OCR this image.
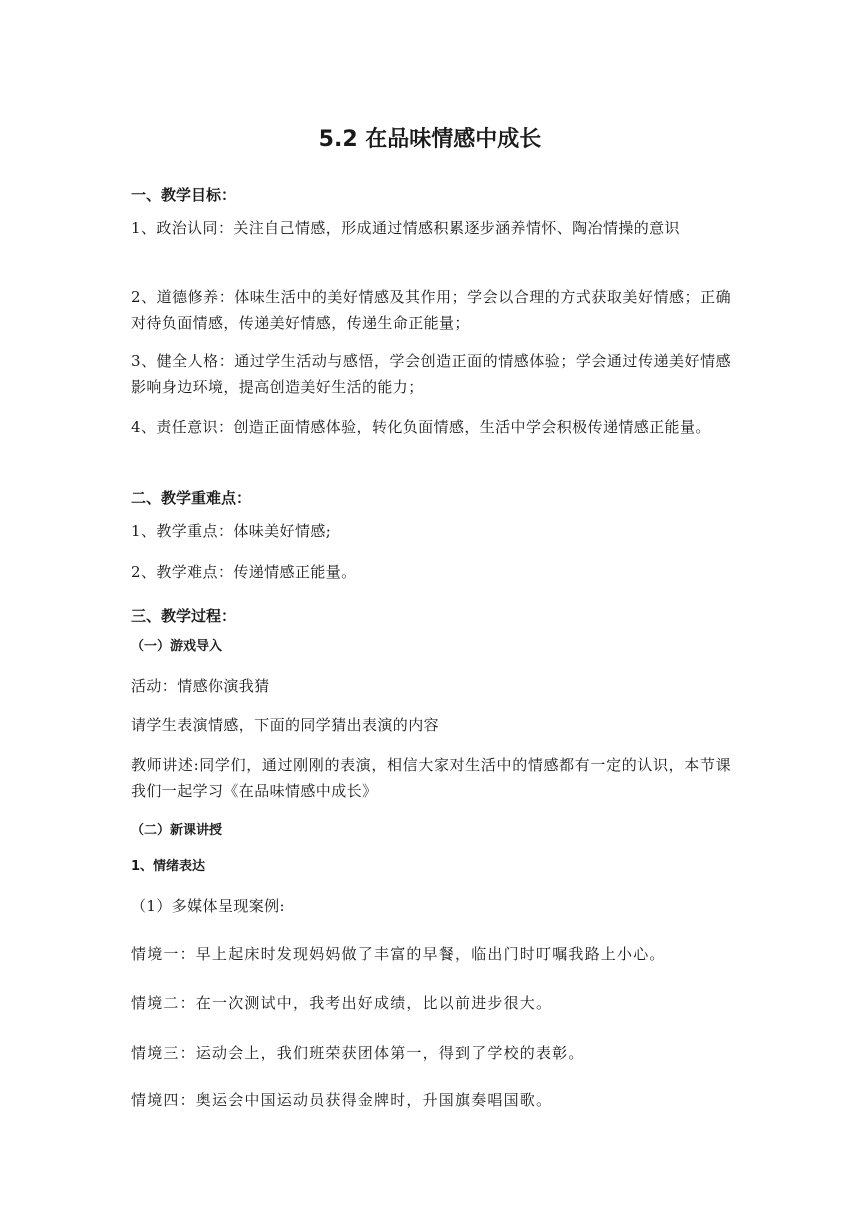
5.2 在品味情感中成长
一、教学目标：
1、政治认同：关注自己情感，形成通过情感积累逐步涵养情怀、陶冶情操的意识
2、道德修养：体味生活中的美好情感及其作用；学会以合理的方式获取美好情感；正确对待负面情感，传递美好情感，传递生命正能量；
3、健全人格：通过学生活动与感悟，学会创造正面的情感体验；学会通过传递美好情感影响身边环境，提高创造美好生活的能力；
4、责任意识：创造正面情感体验，转化负面情感，生活中学会积极传递情感正能量。
二、教学重难点：
1、教学重点：体味美好情感;
2、教学难点：传递情感正能量。
三、教学过程：
（一）游戏导入
活动：情感你演我猜
请学生表演情感，下面的同学猜出表演的内容
教师讲述:同学们，通过刚刚的表演，相信大家对生活中的情感都有一定的认识，本节课我们一起学习《在品味情感中成长》
（二）新课讲授
1、情绪表达
（1）多媒体呈现案例:
情境一：早上起床时发现妈妈做了丰富的早餐，临出门时叮嘱我路上小心。
情境二：在一次测试中，我考出好成绩，比以前进步很大。
情境三：运动会上，我们班荣获团体第一，得到了学校的表彰。
情境四：奥运会中国运动员获得金牌时，升国旗奏唱国歌。
